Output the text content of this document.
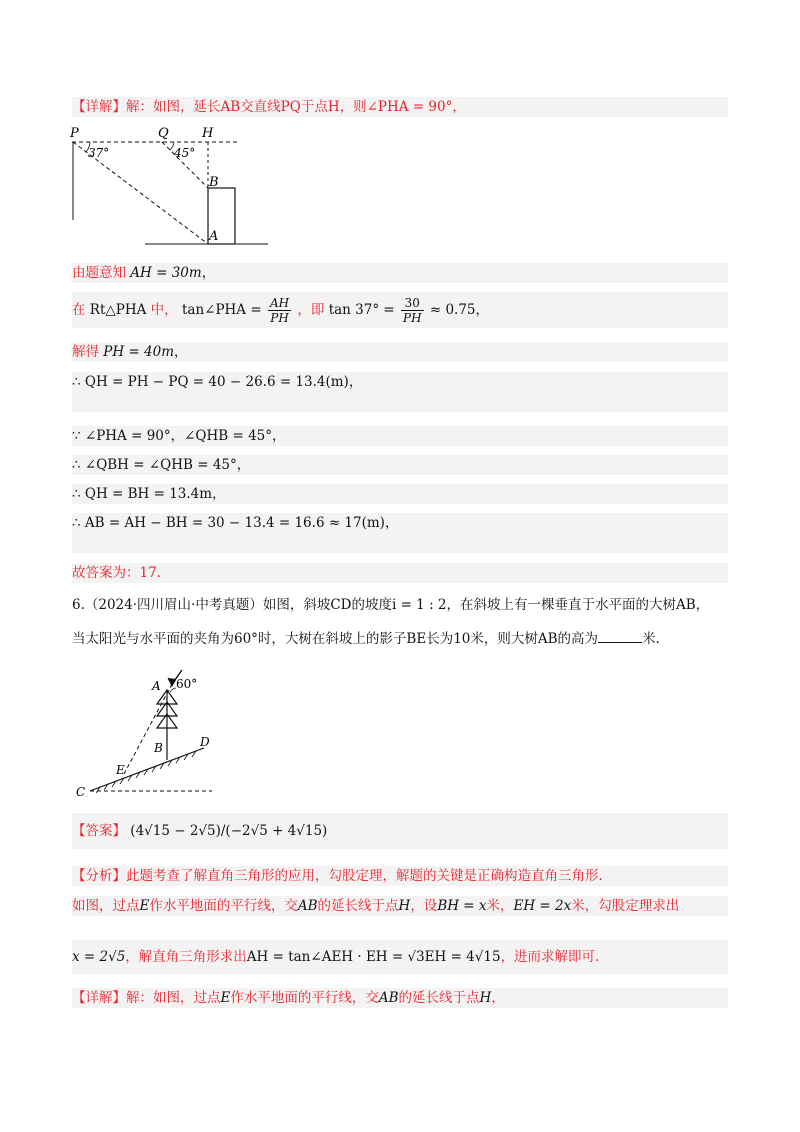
【详解】解：如图，延长AB交直线PQ于点H，则∠PHA = 90°，
P	Q	H
37°	45°
B
A
由题意知 AH = 30m，
在 Rt△PHA 中， tan∠PHA = $\frac{AH}{PH}$ ，即 $\tan 37^\circ = \frac{30}{PH} \approx 0.75$，
解得 PH = 40m，
∴ QH = PH − PQ = 40 − 26.6 = 13.4(m)，
∵ ∠PHA = 90°，∠QHB = 45°，
∴ ∠QBH = ∠QHB = 45°，
∴ QH = BH = 13.4m，
∴ AB = AH − BH = 30 − 13.4 = 16.6 ≈ 17(m)，
故答案为：17.
6.（2024·四川眉山·中考真题）如图，斜坡CD的坡度i = 1 : 2，在斜坡上有一棵垂直于水平面的大树AB，
当太阳光与水平面的夹角为60°时，大树在斜坡上的影子BE长为10米，则大树AB的高为	米.
A 60°
B	D
E
C
【答案】 (4√15 − 2√5)/(−2√5 + 4√15)
【分析】此题考查了解直角三角形的应用，勾股定理，解题的关键是正确构造直角三角形.
如图，过点E作水平地面的平行线，交AB的延长线于点H，设BH = x米，EH = 2x米，勾股定理求出
x = 2√5，解直角三角形求出AH = tan∠AEH · EH = √3EH = 4√15，进而求解即可.
【详解】解：如图，过点E作水平地面的平行线，交AB的延长线于点H，
